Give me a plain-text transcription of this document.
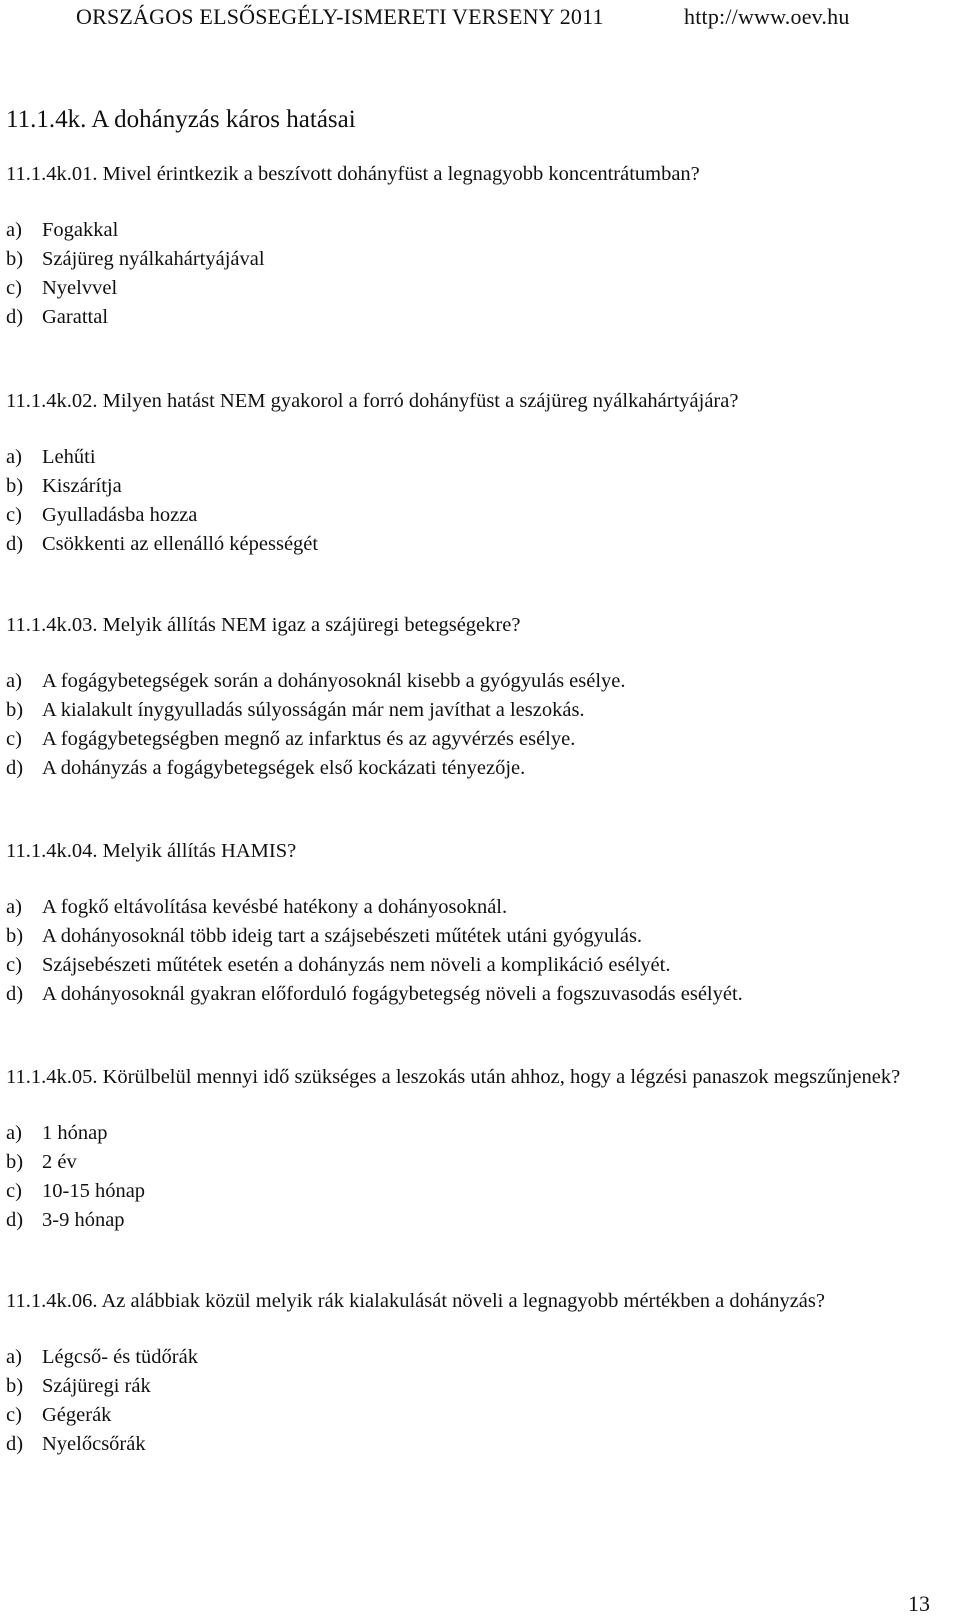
ORSZÁGOS ELSŐSEGÉLY-ISMERETI VERSENY 2011	http://www.oev.hu
11.1.4k. A dohányzás káros hatásai
11.1.4k.01. Mivel érintkezik a beszívott dohányfüst a legnagyobb koncentrátumban?
a) Fogakkal
b) Szájüreg nyálkahártyájával
c) Nyelvvel
d) Garattal
11.1.4k.02. Milyen hatást NEM gyakorol a forró dohányfüst a szájüreg nyálkahártyájára?
a) Lehűti
b) Kiszárítja
c) Gyulladásba hozza
d) Csökkenti az ellenálló képességét
11.1.4k.03. Melyik állítás NEM igaz a szájüregi betegségekre?
a) A fogágybetegségek során a dohányosoknál kisebb a gyógyulás esélye.
b) A kialakult ínygyulladás súlyosságán már nem javíthat a leszokás.
c) A fogágybetegségben megnő az infarktus és az agyvérzés esélye.
d) A dohányzás a fogágybetegségek első kockázati tényezője.
11.1.4k.04. Melyik állítás HAMIS?
a) A fogkő eltávolítása kevésbé hatékony a dohányosoknál.
b) A dohányosoknál több ideig tart a szájsebészeti műtétek utáni gyógyulás.
c) Szájsebészeti műtétek esetén a dohányzás nem növeli a komplikáció esélyét.
d) A dohányosoknál gyakran előforduló fogágybetegség növeli a fogszuvasodás esélyét.
11.1.4k.05. Körülbelül mennyi idő szükséges a leszokás után ahhoz, hogy a légzési panaszok megszűnjenek?
a) 1 hónap
b) 2 év
c) 10-15 hónap
d) 3-9 hónap
11.1.4k.06. Az alábbiak közül melyik rák kialakulását növeli a legnagyobb mértékben a dohányzás?
a) Légcső- és tüdőrák
b) Szájüregi rák
c) Gégerák
d) Nyelőcsőrák
13
